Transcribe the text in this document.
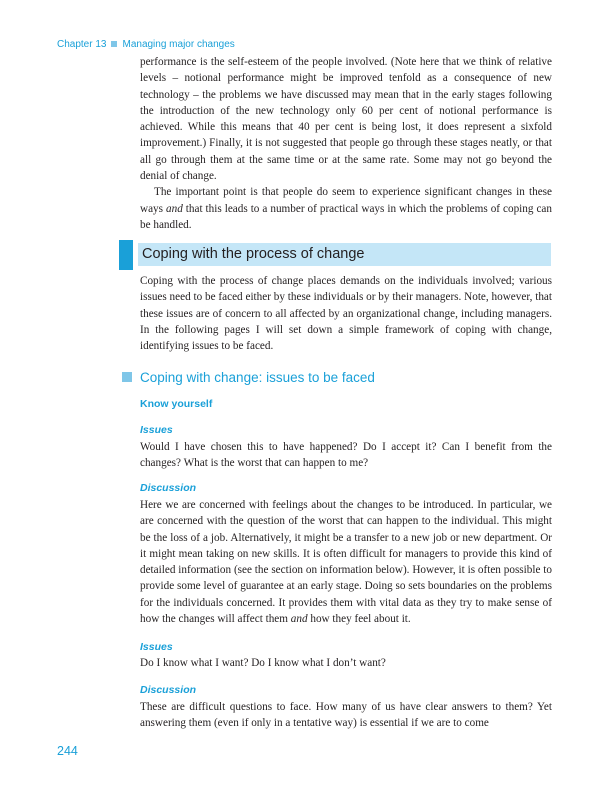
Chapter 13 Managing major changes

performance is the self-esteem of the people involved. (Note here that we think of relative levels – notional performance might be improved tenfold as a consequence of new technology – the problems we have discussed may mean that in the early stages following the introduction of the new technology only 60 per cent of notional performance is achieved. While this means that 40 per cent is being lost, it does represent a sixfold improvement.) Finally, it is not suggested that people go through these stages neatly, or that all go through them at the same time or at the same rate. Some may not go beyond the denial of change.

The important point is that people do seem to experience significant changes in these ways and that this leads to a number of practical ways in which the problems of coping can be handled.

Coping with the process of change

Coping with the process of change places demands on the individuals involved; various issues need to be faced either by these individuals or by their managers. Note, however, that these issues are of concern to all affected by an organizational change, including managers. In the following pages I will set down a simple framework of coping with change, identifying issues to be faced.

Coping with change: issues to be faced
Know yourself
Issues

Would I have chosen this to have happened? Do I accept it? Can I benefit from the changes? What is the worst that can happen to me?

Discussion

Here we are concerned with feelings about the changes to be introduced. In particular, we are concerned with the question of the worst that can happen to the individual. This might be the loss of a job. Alternatively, it might be a transfer to a new job or new department. Or it might mean taking on new skills. It is often difficult for managers to provide this kind of detailed information (see the section on information below). However, it is often possible to provide some level of guarantee at an early stage. Doing so sets boundaries on the problems for the individuals concerned. It provides them with vital data as they try to make sense of how the changes will affect them and how they feel about it.

Issues

Do I know what I want? Do I know what I don’t want?

Discussion

These are difficult questions to face. How many of us have clear answers to them? Yet answering them (even if only in a tentative way) is essential if we are to come

244
